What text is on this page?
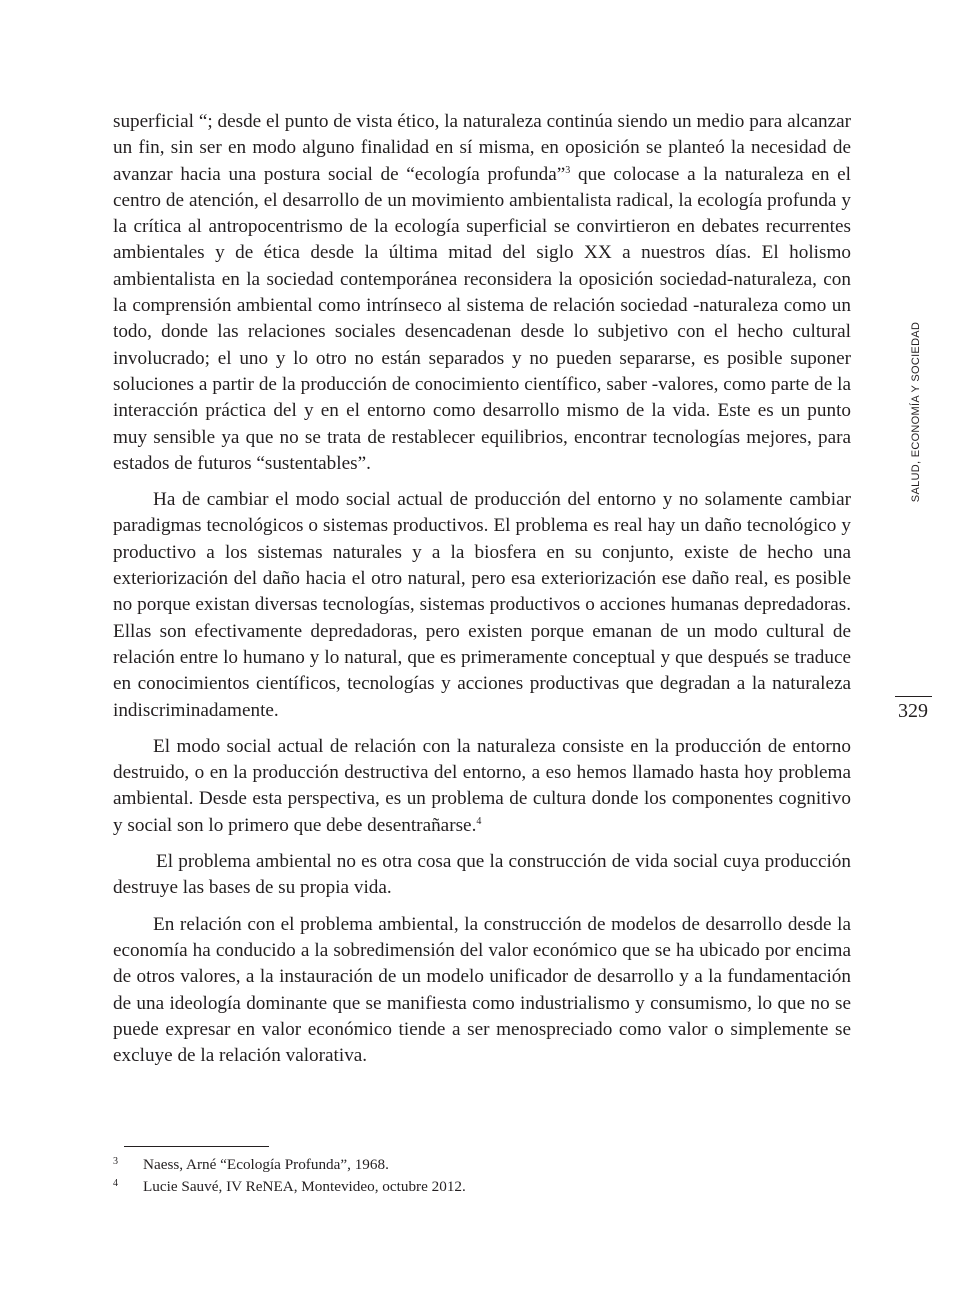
superficial “; desde el punto de vista ético, la naturaleza continúa siendo un medio para alcanzar un fin, sin ser en modo alguno finalidad en sí misma, en oposición se planteó la necesidad de avanzar hacia una postura social de “ecología profunda”$^3$ que colocase a la naturaleza en el centro de atención, el desarrollo de un movimiento ambientalista radical, la ecología profunda y la crítica al antropocentrismo de la ecología superficial se convirtieron en debates recurrentes ambientales y de ética desde la última mitad del siglo XX a nuestros días. El holismo ambientalista en la sociedad contemporánea reconsidera la oposición sociedad-naturaleza, con la comprensión ambiental como intrínseco al sistema de relación sociedad -naturaleza como un todo, donde las relaciones sociales desencadenan desde lo subjetivo con el hecho cultural involucrado; el uno y lo otro no están separados y no pueden separarse, es posible suponer soluciones a partir de la producción de conocimiento científico, saber -valores, como parte de la interacción práctica del y en el entorno como desarrollo mismo de la vida. Este es un punto muy sensible ya que no se trata de restablecer equilibrios, encontrar tecnologías mejores, para estados de futuros “sustentables”.

Ha de cambiar el modo social actual de producción del entorno y no solamente cambiar paradigmas tecnológicos o sistemas productivos. El problema es real hay un daño tecnológico y productivo a los sistemas naturales y a la biosfera en su conjunto, existe de hecho una exteriorización del daño hacia el otro natural, pero esa exteriorización ese daño real, es posible no porque existan diversas tecnologías, sistemas productivos o acciones humanas depredadoras. Ellas son efectivamente depredadoras, pero existen porque emanan de un modo cultural de relación entre lo humano y lo natural, que es primeramente conceptual y que después se traduce en conocimientos científicos, tecnologías y acciones productivas que degradan a la naturaleza indiscriminadamente.

El modo social actual de relación con la naturaleza consiste en la producción de entorno destruido, o en la producción destructiva del entorno, a eso hemos llamado hasta hoy problema ambiental. Desde esta perspectiva, es un problema de cultura donde los componentes cognitivo y social son lo primero que debe desentrañarse.$^4$

El problema ambiental no es otra cosa que la construcción de vida social cuya producción destruye las bases de su propia vida.

En relación con el problema ambiental, la construcción de modelos de desarrollo desde la economía ha conducido a la sobredimensión del valor económico que se ha ubicado por encima de otros valores, a la instauración de un modelo unificador de desarrollo y a la fundamentación de una ideología dominante que se manifiesta como industrialismo y consumismo, lo que no se puede expresar en valor económico tiende a ser menospreciado como valor o simplemente se excluye de la relación valorativa.

SALUD, ECONOMÍA Y SOCIEDAD
329
3 Naess, Arné “Ecología Profunda”, 1968.
4 Lucie Sauvé, IV ReNEA, Montevideo, octubre 2012.
